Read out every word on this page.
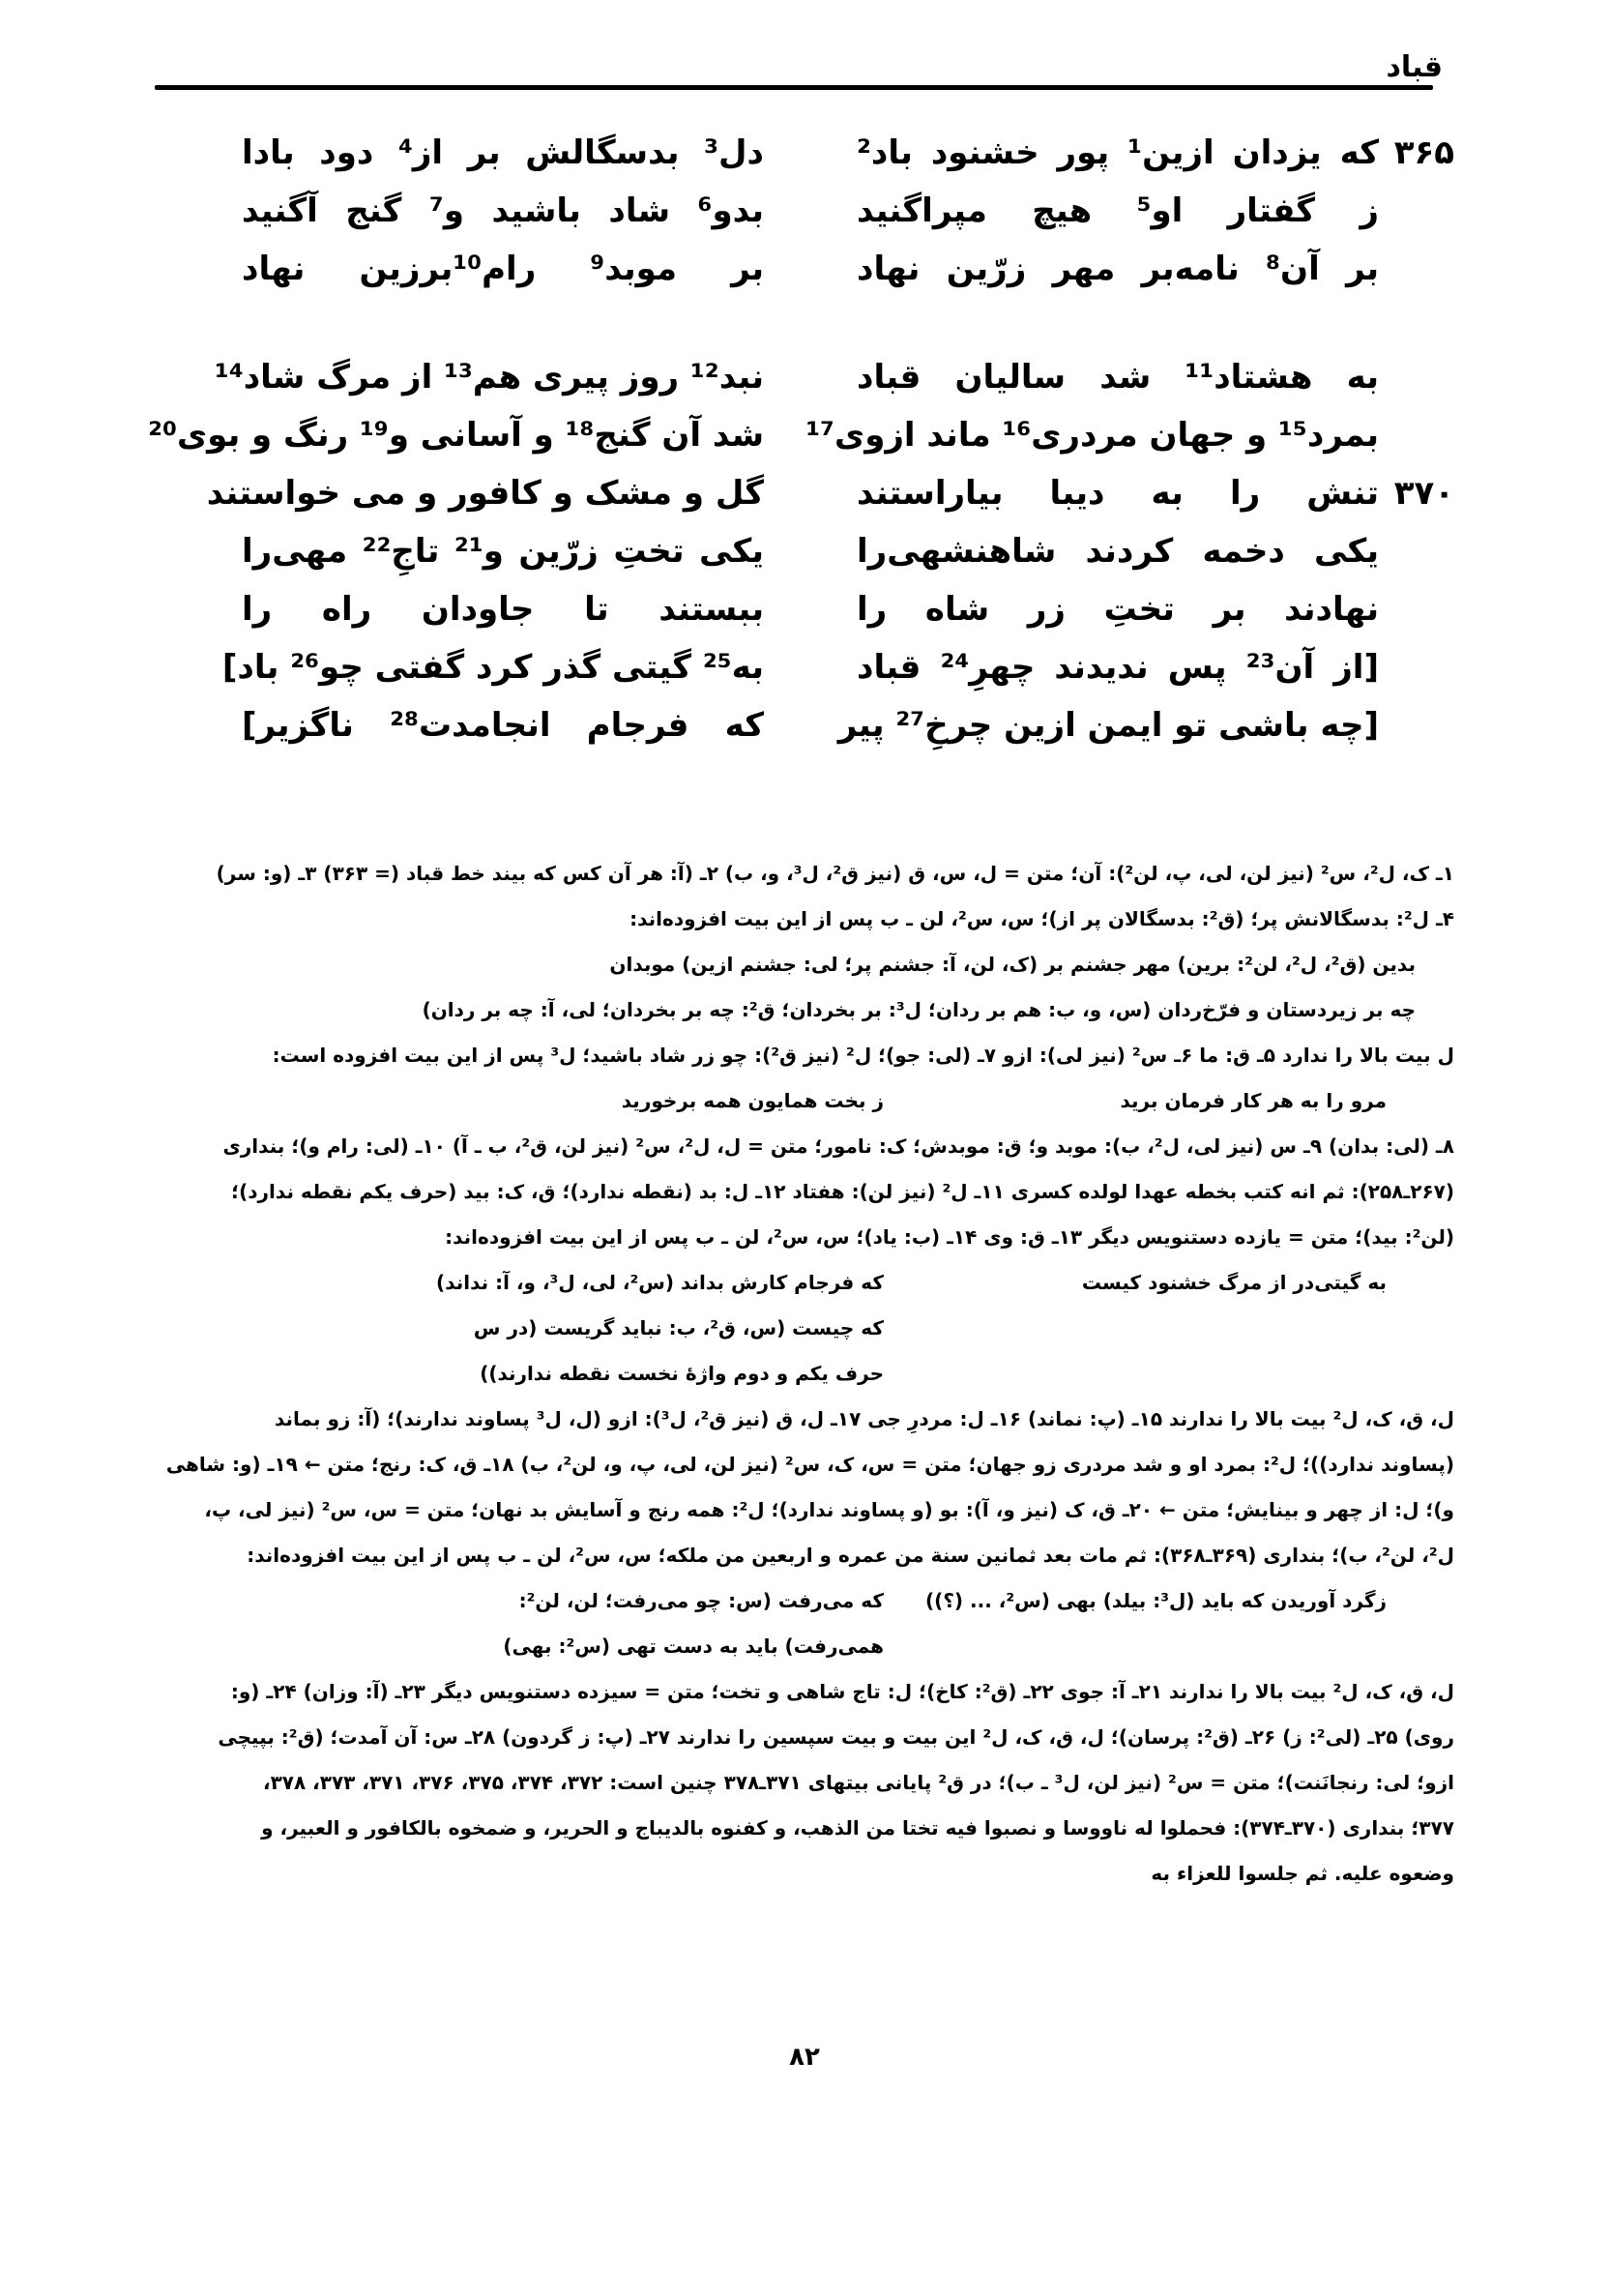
قباد
۳۶۵
که یزدان ازین¹ پور خشنود باد²
دل³ بدسگالش بر از⁴ دود بادا
ز گفتار او⁵ هیچ مپراگنید
بدو⁶ شاد باشید و⁷ گنج آگنید
بر آن⁸ نامه‌بر مهر زرّین نهاد
بر موبد⁹ رام¹⁰برزین نهاد
به هشتاد¹¹ شد سالیان قباد
نبد¹² روز پیری هم¹³ از مرگ شاد¹⁴
بمرد¹⁵ و جهان مردری¹⁶ ماند ازوی¹⁷
شد آن گنج¹⁸ و آسانی و¹⁹ رنگ و بوی²⁰
۳۷۰
تنش را به دیبا بیاراستند
گل و مشک و کافور و می خواستند
یکی دخمه کردند شاهنشهی‌را
یکی تختِ زرّین و²¹ تاجِ²² مهی‌را
نهادند بر تختِ زر شاه را
ببستند تا جاودان راه را
[از آن²³ پس ندیدند چهرِ²⁴ قباد
به²⁵ گیتی گذر کرد گفتی چو²⁶ باد]
[چه باشی تو ایمن ازین چرخِ²⁷ پیر
که فرجام انجامدت²⁸ ناگزیر]

۱ـ ک، ل²، س² (نیز لن، لی، پ، لن²): آن؛ متن = ل، س، ق (نیز ق²، ل³، و، ب) ۲ـ (آ: هر آن کس که بیند خط قباد (= ۳۶۳) ۳ـ (و: سر)

۴ـ ل²: بدسگالانش پر؛ (ق²: بدسگالان پر از)؛ س، س²، لن ـ ب پس از این بیت افزوده‌اند:

بدین (ق²، ل²، لن²: برین) مهر جشنم بر (ک، لن، آ: جشنم پر؛ لی: جشنم ازین) موبدان

چه بر زیردستان و فرّخ‌ردان (س، و، ب: هم بر ردان؛ ل³: بر بخردان؛ ق²: چه بر بخردان؛ لی، آ: چه بر ردان)

ل بیت بالا را ندارد ۵ـ ق: ما ۶ـ س² (نیز لی): ازو ۷ـ (لی: جو)؛ ل² (نیز ق²): چو زر شاد باشید؛ ل³ پس از این بیت افزوده است:

مرو را به هر کار فرمان برید
ز بخت همایون همه برخورید

۸ـ (لی: بدان) ۹ـ س (نیز لی، ل²، ب): موبد و؛ ق: موبدش؛ ک: نامور؛ متن = ل، ل²، س² (نیز لن، ق²، ب ـ آ) ۱۰ـ (لی: رام و)؛ بنداری

(۲۶۷ـ۲۵۸): ثم انه کتب بخطه عهدا لولده کسری ۱۱ـ ل² (نیز لن): هفتاد ۱۲ـ ل: بد (نقطه ندارد)؛ ق، ک: بید (حرف یکم نقطه ندارد)؛

(لن²: بید)؛ متن = یازده دستنویس دیگر ۱۳ـ ق: وی ۱۴ـ (ب: یاد)؛ س، س²، لن ـ ب پس از این بیت افزوده‌اند:

به گیتی‌در از مرگ خشنود کیست
که فرجام کارش بداند (س²، لی، ل³، و، آ: نداند)
که چیست (س، ق²، ب: نباید گریست (در س
حرف یکم و دوم واژهٔ نخست نقطه ندارند))

ل، ق، ک، ل² بیت بالا را ندارند ۱۵ـ (پ: نماند) ۱۶ـ ل: مردرِ جی ۱۷ـ ل، ق (نیز ق²، ل³): ازو (ل، ل³ پساوند ندارند)؛ (آ: زو بماند

(پساوند ندارد))؛ ل²: بمرد او و شد مردری زو جهان؛ متن = س، ک، س² (نیز لن، لی، پ، و، لن²، ب) ۱۸ـ ق، ک: رنج؛ متن ← ۱۹ـ (و: شاهی

و)؛ ل: از چهر و بینایش؛ متن ← ۲۰ـ ق، ک (نیز و، آ): بو (و پساوند ندارد)؛ ل²: همه رنج و آسایش بد نهان؛ متن = س، س² (نیز لی، پ،

ل²، لن²، ب)؛ بنداری (۳۶۹ـ۳۶۸): ثم مات بعد ثمانین سنة من عمره و اربعین من ملکه؛ س، س²، لن ـ ب پس از این بیت افزوده‌اند:

زگرد آوریدن که باید (ل³: بیلد) بهی (س²، ... (؟))
که می‌رفت (س: چو می‌رفت؛ لن، لن²:
همی‌رفت) باید به دست تهی (س²: بهی)

ل، ق، ک، ل² بیت بالا را ندارند ۲۱ـ آ: جوی ۲۲ـ (ق²: کاخ)؛ ل: تاج شاهی و تخت؛ متن = سیزده دستنویس دیگر ۲۳ـ (آ: وزان) ۲۴ـ (و:

روی) ۲۵ـ (لی²: ز) ۲۶ـ (ق²: پرسان)؛ ل، ق، ک، ل² این بیت و بیت سپسین را ندارند ۲۷ـ (پ: ز گردون) ۲۸ـ س: آن آمدت؛ (ق²: بپیچی

ازو؛ لی: رنجانَنت)؛ متن = س² (نیز لن، ل³ ـ ب)؛ در ق² پایانی بیتهای ۳۷۱ـ۳۷۸ چنین است: ۳۷۲، ۳۷۴، ۳۷۵، ۳۷۶، ۳۷۱، ۳۷۳، ۳۷۸،

۳۷۷؛ بنداری (۳۷۰ـ۳۷۴): فحملوا له ناووسا و نصبوا فیه تختا من الذهب، و کفنوه بالدیباج و الحریر، و ضمخوه بالکافور و العبیر، و

وضعوه علیه. ثم جلسوا للعزاء به

۸۲
